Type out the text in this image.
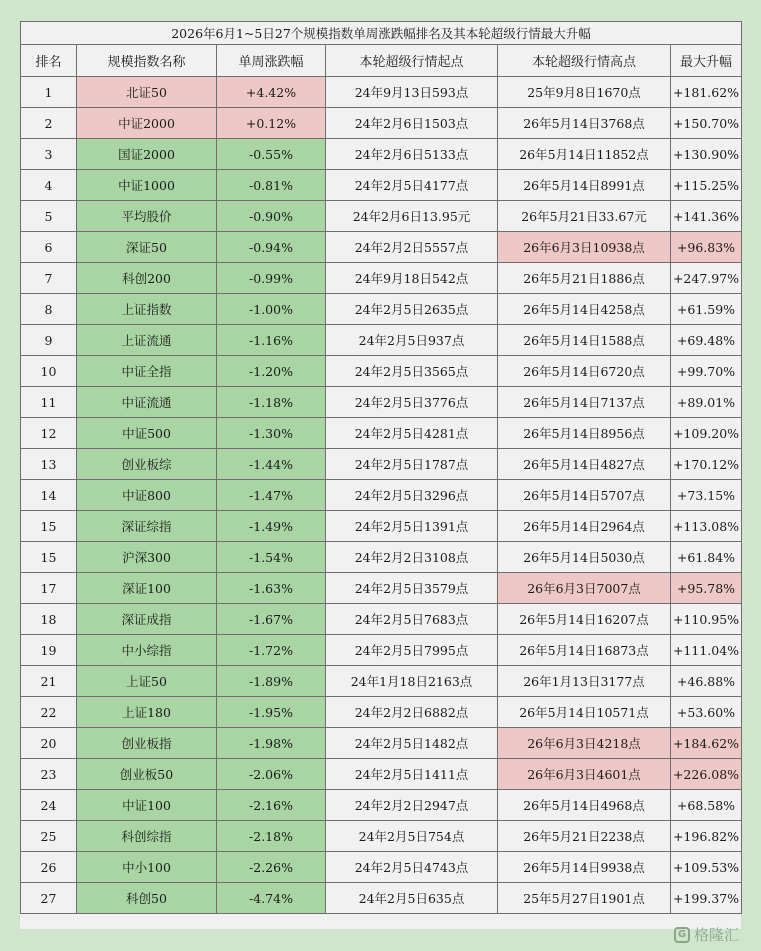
2026年6月1~5日27个规模指数单周涨跌幅排名及其本轮超级行情最大升幅					
排名	规模指数名称	单周涨跌幅	本轮超级行情起点	本轮超级行情高点	最大升幅
1	北证50	+4.42%	24年9月13日593点	25年9月8日1670点	+181.62%
2	中证2000	+0.12%	24年2月6日1503点	26年5月14日3768点	+150.70%
3	国证2000	-0.55%	24年2月6日5133点	26年5月14日11852点	+130.90%
4	中证1000	-0.81%	24年2月5日4177点	26年5月14日8991点	+115.25%
5	平均股价	-0.90%	24年2月6日13.95元	26年5月21日33.67元	+141.36%
6	深证50	-0.94%	24年2月2日5557点	26年6月3日10938点	+96.83%
7	科创200	-0.99%	24年9月18日542点	26年5月21日1886点	+247.97%
8	上证指数	-1.00%	24年2月5日2635点	26年5月14日4258点	+61.59%
9	上证流通	-1.16%	24年2月5日937点	26年5月14日1588点	+69.48%
10	中证全指	-1.20%	24年2月5日3565点	26年5月14日6720点	+99.70%
11	中证流通	-1.18%	24年2月5日3776点	26年5月14日7137点	+89.01%
12	中证500	-1.30%	24年2月5日4281点	26年5月14日8956点	+109.20%
13	创业板综	-1.44%	24年2月5日1787点	26年5月14日4827点	+170.12%
14	中证800	-1.47%	24年2月5日3296点	26年5月14日5707点	+73.15%
15	深证综指	-1.49%	24年2月5日1391点	26年5月14日2964点	+113.08%
15	沪深300	-1.54%	24年2月2日3108点	26年5月14日5030点	+61.84%
17	深证100	-1.63%	24年2月5日3579点	26年6月3日7007点	+95.78%
18	深证成指	-1.67%	24年2月5日7683点	26年5月14日16207点	+110.95%
19	中小综指	-1.72%	24年2月5日7995点	26年5月14日16873点	+111.04%
21	上证50	-1.89%	24年1月18日2163点	26年1月13日3177点	+46.88%
22	上证180	-1.95%	24年2月2日6882点	26年5月14日10571点	+53.60%
20	创业板指	-1.98%	24年2月5日1482点	26年6月3日4218点	+184.62%
23	创业板50	-2.06%	24年2月5日1411点	26年6月3日4601点	+226.08%
24	中证100	-2.16%	24年2月2日2947点	26年5月14日4968点	+68.58%
25	科创综指	-2.18%	24年2月5日754点	26年5月21日2238点	+196.82%
26	中小100	-2.26%	24年2月5日4743点	26年5月14日9938点	+109.53%
27	科创50	-4.74%	24年2月5日635点	25年5月27日1901点	+199.37%
G 格隆汇
